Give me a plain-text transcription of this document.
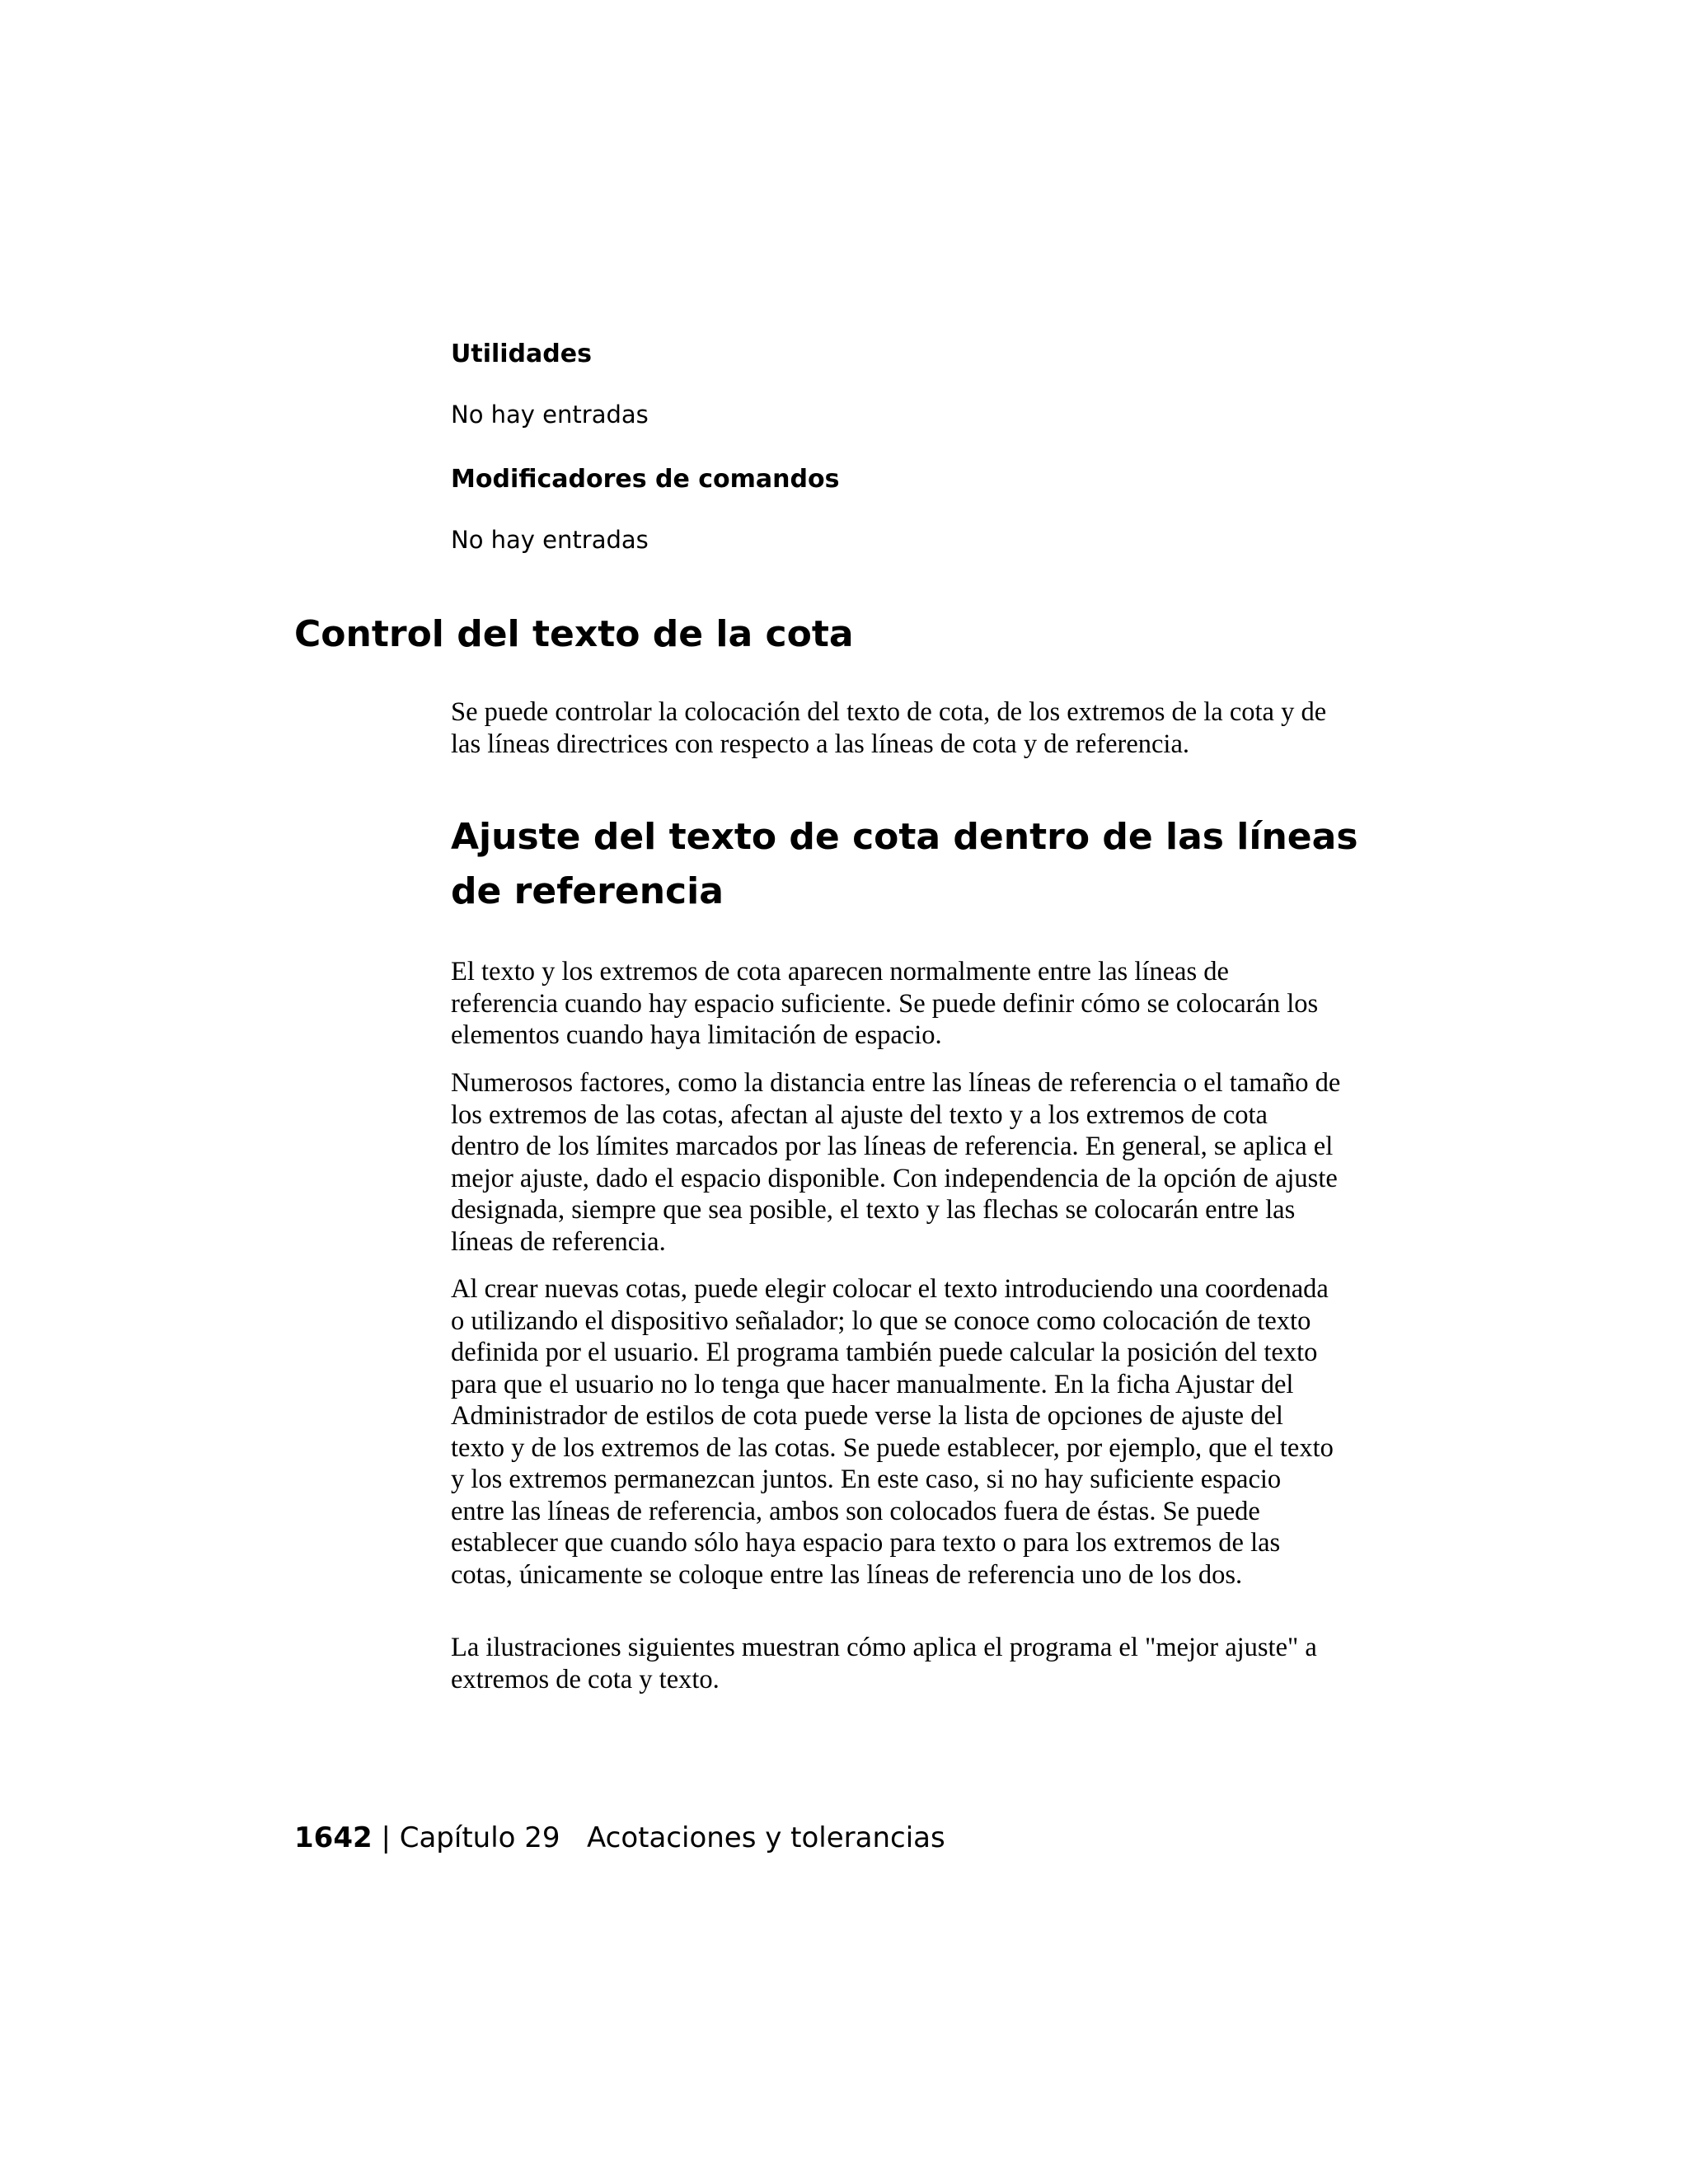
Utilidades

No hay entradas

Modificadores de comandos

No hay entradas

Control del texto de la cota

Se puede controlar la colocación del texto de cota, de los extremos de la cota y de las líneas directrices con respecto a las líneas de cota y de referencia.

Ajuste del texto de cota dentro de las líneas de referencia

El texto y los extremos de cota aparecen normalmente entre las líneas de referencia cuando hay espacio suficiente. Se puede definir cómo se colocarán los elementos cuando haya limitación de espacio.

Numerosos factores, como la distancia entre las líneas de referencia o el tamaño de los extremos de las cotas, afectan al ajuste del texto y a los extremos de cota dentro de los límites marcados por las líneas de referencia. En general, se aplica el mejor ajuste, dado el espacio disponible. Con independencia de la opción de ajuste designada, siempre que sea posible, el texto y las flechas se colocarán entre las líneas de referencia.

Al crear nuevas cotas, puede elegir colocar el texto introduciendo una coordenada o utilizando el dispositivo señalador; lo que se conoce como colocación de texto definida por el usuario. El programa también puede calcular la posición del texto para que el usuario no lo tenga que hacer manualmente. En la ficha Ajustar del Administrador de estilos de cota puede verse la lista de opciones de ajuste del texto y de los extremos de las cotas. Se puede establecer, por ejemplo, que el texto y los extremos permanezcan juntos. En este caso, si no hay suficiente espacio entre las líneas de referencia, ambos son colocados fuera de éstas. Se puede establecer que cuando sólo haya espacio para texto o para los extremos de las cotas, únicamente se coloque entre las líneas de referencia uno de los dos.

La ilustraciones siguientes muestran cómo aplica el programa el "mejor ajuste" a extremos de cota y texto.

1642 | Capítulo 29 Acotaciones y tolerancias
